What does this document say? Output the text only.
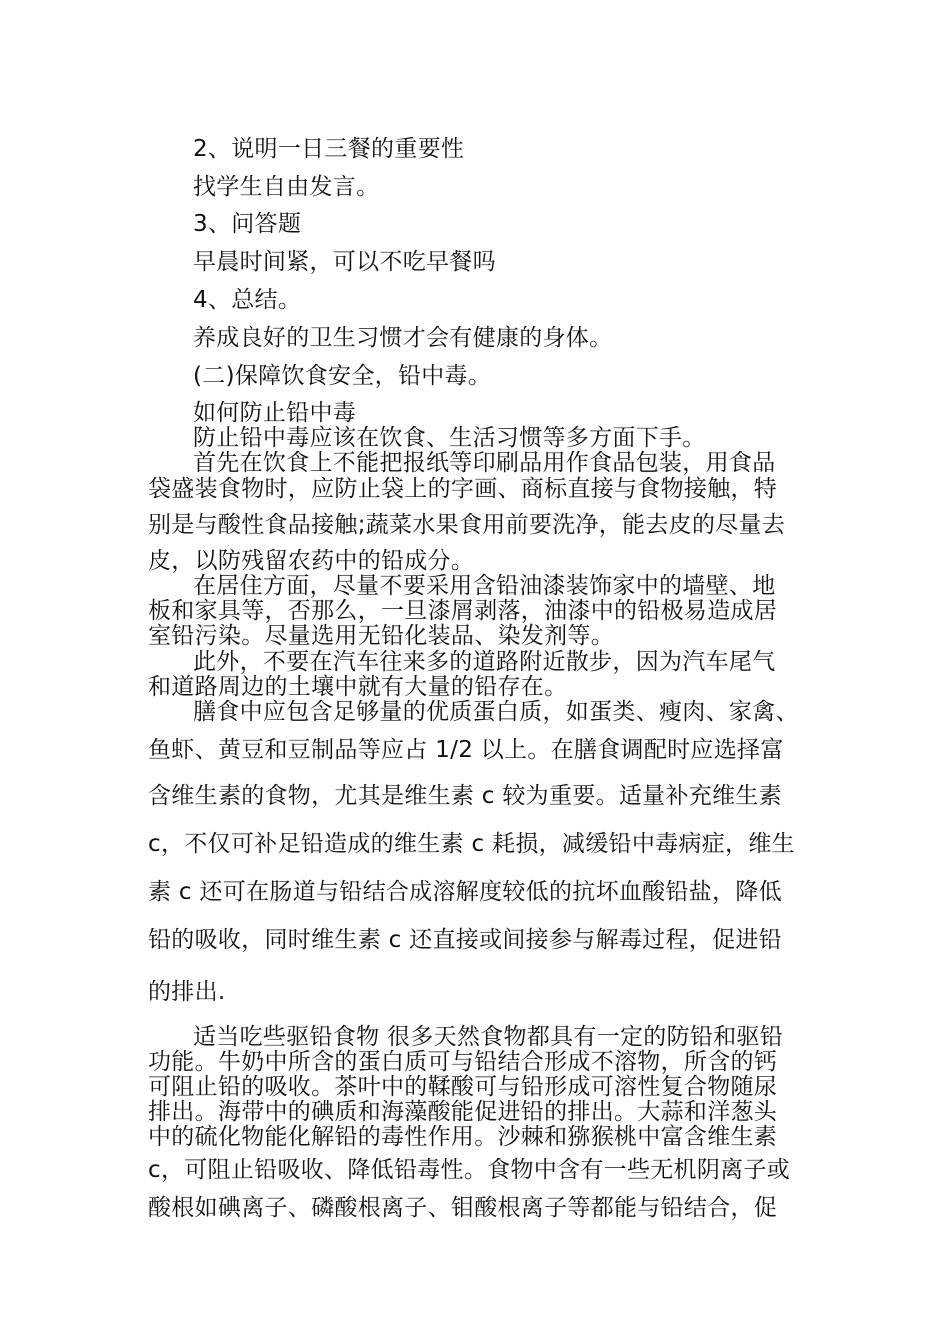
2、说明一日三餐的重要性
找学生自由发言。
3、问答题
早晨时间紧，可以不吃早餐吗
4、总结。
养成良好的卫生习惯才会有健康的身体。
(二)保障饮食安全，铅中毒。
如何防止铅中毒
防止铅中毒应该在饮食、生活习惯等多方面下手。
首先在饮食上不能把报纸等印刷品用作食品包装，用食品
袋盛装食物时，应防止袋上的字画、商标直接与食物接触，特
别是与酸性食品接触;蔬菜水果食用前要洗净，能去皮的尽量去
皮，以防残留农药中的铅成分。
在居住方面，尽量不要采用含铅油漆装饰家中的墙壁、地
板和家具等，否那么，一旦漆屑剥落，油漆中的铅极易造成居
室铅污染。尽量选用无铅化装品、染发剂等。
此外，不要在汽车往来多的道路附近散步，因为汽车尾气
和道路周边的土壤中就有大量的铅存在。
膳食中应包含足够量的优质蛋白质，如蛋类、瘦肉、家禽、
鱼虾、黄豆和豆制品等应占 1/2 以上。在膳食调配时应选择富
含维生素的食物，尤其是维生素 c 较为重要。适量补充维生素
c，不仅可补足铅造成的维生素 c 耗损，减缓铅中毒病症，维生
素 c 还可在肠道与铅结合成溶解度较低的抗坏血酸铅盐，降低
铅的吸收，同时维生素 c 还直接或间接参与解毒过程，促进铅
的排出.
适当吃些驱铅食物 很多天然食物都具有一定的防铅和驱铅
功能。牛奶中所含的蛋白质可与铅结合形成不溶物，所含的钙
可阻止铅的吸收。茶叶中的鞣酸可与铅形成可溶性复合物随尿
排出。海带中的碘质和海藻酸能促进铅的排出。大蒜和洋葱头
中的硫化物能化解铅的毒性作用。沙棘和猕猴桃中富含维生素
c，可阻止铅吸收、降低铅毒性。食物中含有一些无机阴离子或
酸根如碘离子、磷酸根离子、钼酸根离子等都能与铅结合，促
